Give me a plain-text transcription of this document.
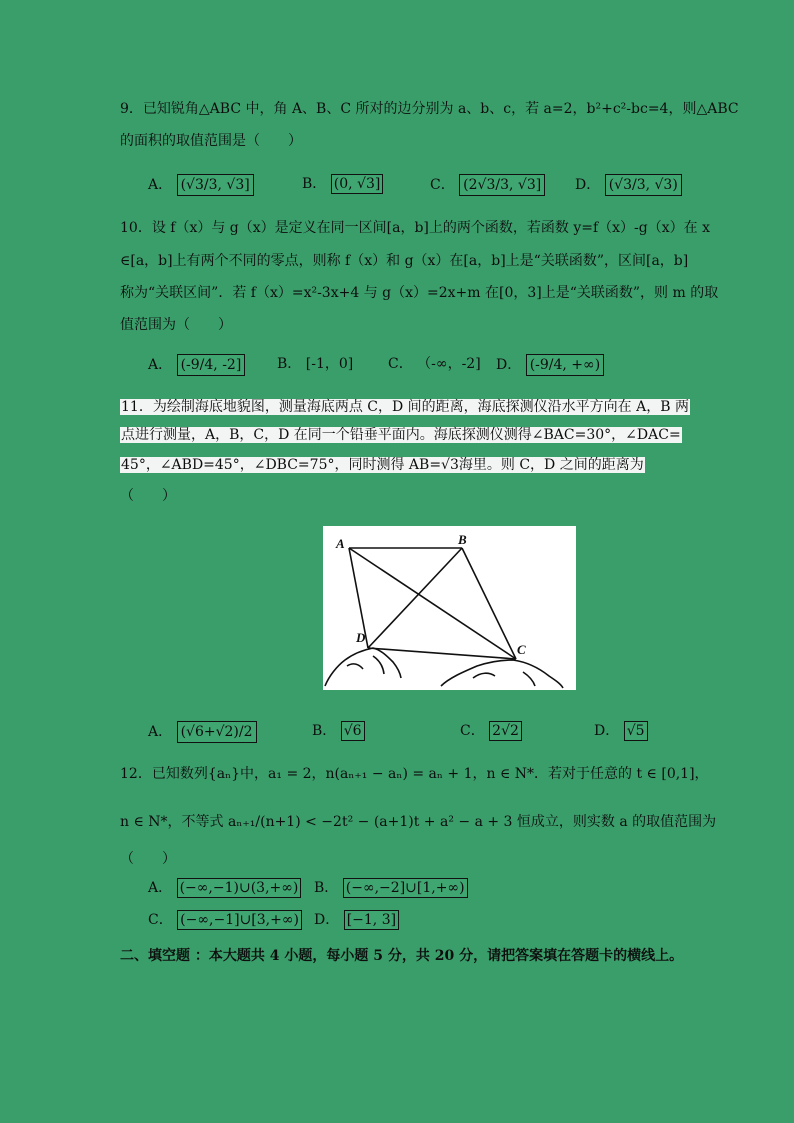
9．已知锐角△ABC 中，角 A、B、C 所对的边分别为 a、b、c，若 a=2，b²+c²-bc=4，则△ABC
的面积的取值范围是（　　）
A． (√3/3, √3]	B． (0, √3]	C． (2√3/3, √3] D． (√3/3, √3)
10．设 f（x）与 g（x）是定义在同一区间[a，b]上的两个函数，若函数 y=f（x）-g（x）在 x
∈[a，b]上有两个不同的零点，则称 f（x）和 g（x）在[a，b]上是“关联函数”，区间[a，b]
称为“关联区间”．若 f（x）=x²-3x+4 与 g（x）=2x+m 在[0，3]上是“关联函数”，则 m 的取
值范围为（　　）
A． (-9/4, -2]	B． [-1，0] C． （-∞，-2] D． (-9/4, +∞)
11．为绘制海底地貌图，测量海底两点 C，D 间的距离，海底探测仪沿水平方向在 A，B 两
点进行测量，A，B，C，D 在同一个铅垂平面内。海底探测仪测得∠BAC=30°，∠DAC=
45°，∠ABD=45°，∠DBC=75°，同时测得 AB=√3海里。则 C，D 之间的距离为
（　　）
A	B
C
D
A． (√6+√2)/2	B． √6	C． 2√2	D． √5
12．已知数列{aₙ}中，a₁ = 2，n(aₙ₊₁ − aₙ) = aₙ + 1，n ∈ N*．若对于任意的 t ∈ [0,1]，
n ∈ N*，不等式 aₙ₊₁/(n+1) < −2t² − (a+1)t + a² − a + 3 恒成立，则实数 a 的取值范围为
（　　）
A． (−∞,−1)∪(3,+∞) B． (−∞,−2]∪[1,+∞)
C． (−∞,−1]∪[3,+∞) D． [−1, 3]
二、填空题 ：本大题共 4 小题，每小题 5 分，共 20 分，请把答案填在答题卡的横线上。
